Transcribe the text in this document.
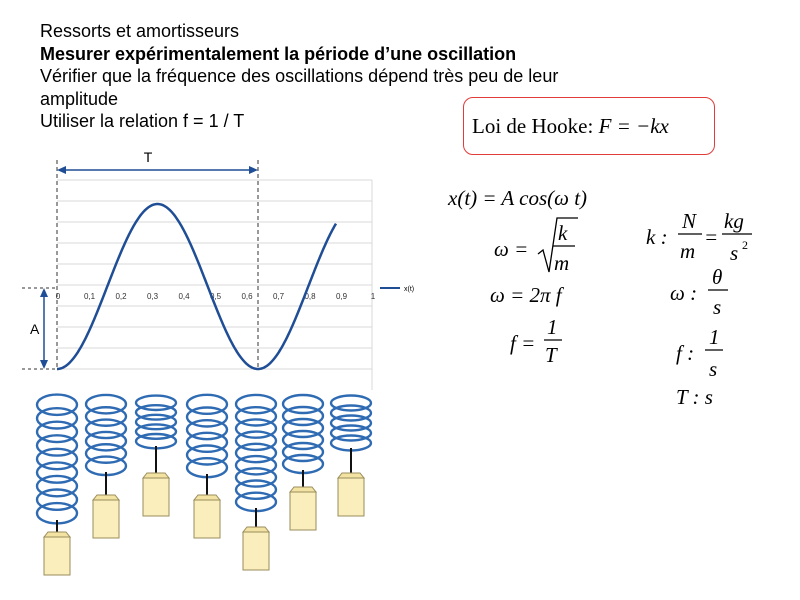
0	0,1	0,2	0,3	0,4	0,5	0,6	0,7	0,8	0,9	1
T
A
x(t)
Ressorts et amortisseurs
Mesurer expérimentalement la période d’une oscillation
Vérifier que la fréquence des oscillations dépend très peu de leur
amplitude
Utiliser la relation f = 1 / T	Loi de Hooke: F = −kx
x(t) = A cos(ω t)
ω =
k
m
ω = 2π f
f =
1
T
k :
N
m
=
kg
s 2
ω :
θ
s
f :
1
s
T : s
